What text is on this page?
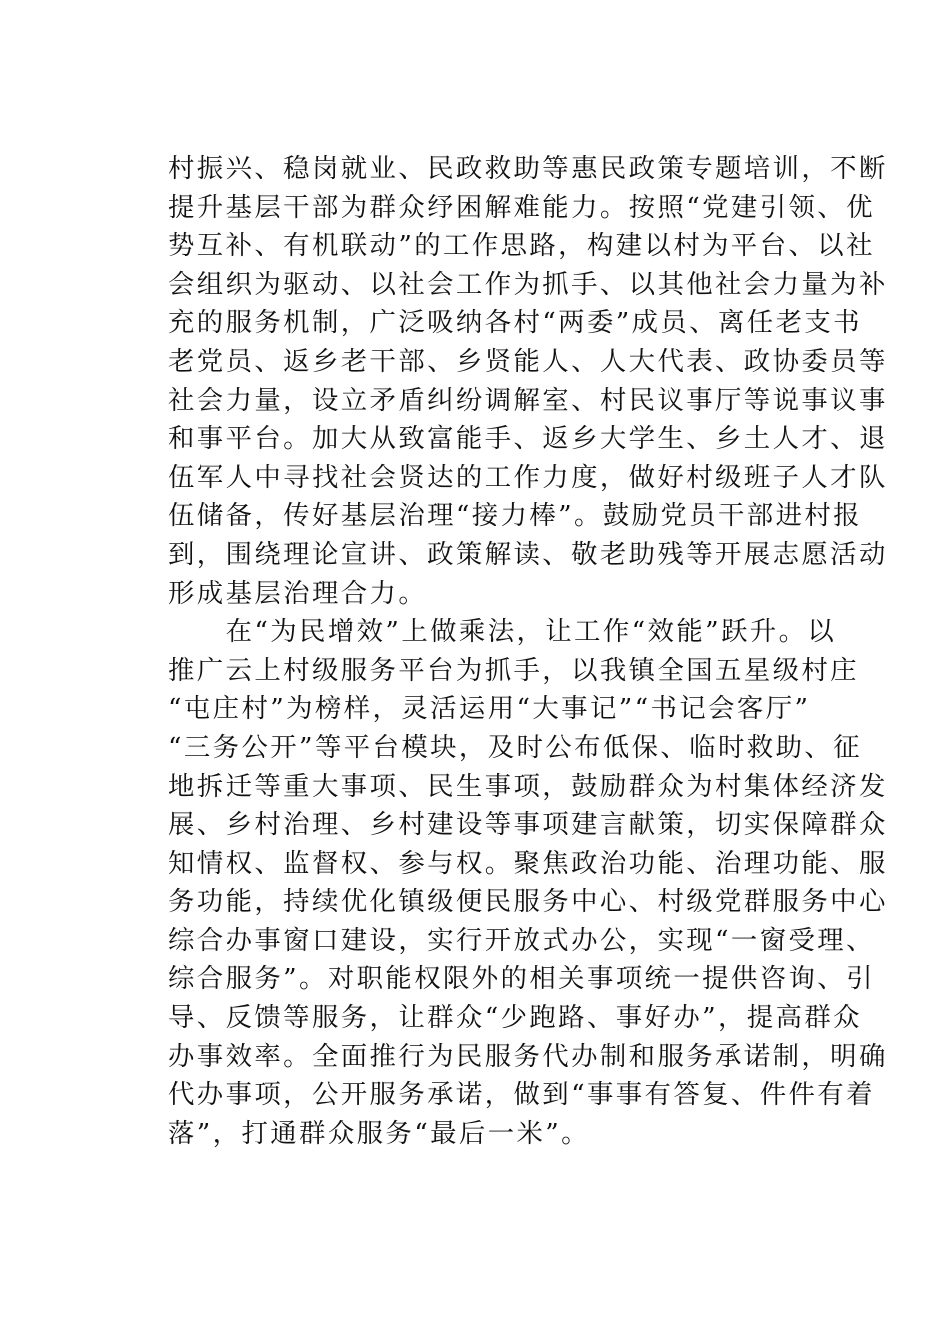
村振兴、稳岗就业、民政救助等惠民政策专题培训，不断
提升基层干部为群众纾困解难能力。按照“党建引领、优
势互补、有机联动”的工作思路，构建以村为平台、以社
会组织为驱动、以社会工作为抓手、以其他社会力量为补
充的服务机制，广泛吸纳各村“两委”成员、离任老支书
老党员、返乡老干部、乡贤能人、人大代表、政协委员等
社会力量，设立矛盾纠纷调解室、村民议事厅等说事议事
和事平台。加大从致富能手、返乡大学生、乡土人才、退
伍军人中寻找社会贤达的工作力度，做好村级班子人才队
伍储备，传好基层治理“接力棒”。鼓励党员干部进村报
到，围绕理论宣讲、政策解读、敬老助残等开展志愿活动
形成基层治理合力。
　　在“为民增效”上做乘法，让工作“效能”跃升。以
推广云上村级服务平台为抓手，以我镇全国五星级村庄
“屯庄村”为榜样，灵活运用“大事记”“书记会客厅”
“三务公开”等平台模块，及时公布低保、临时救助、征
地拆迁等重大事项、民生事项，鼓励群众为村集体经济发
展、乡村治理、乡村建设等事项建言献策，切实保障群众
知情权、监督权、参与权。聚焦政治功能、治理功能、服
务功能，持续优化镇级便民服务中心、村级党群服务中心
综合办事窗口建设，实行开放式办公，实现“一窗受理、
综合服务”。对职能权限外的相关事项统一提供咨询、引
导、反馈等服务，让群众“少跑路、事好办”，提高群众
办事效率。全面推行为民服务代办制和服务承诺制，明确
代办事项，公开服务承诺，做到“事事有答复、件件有着
落”，打通群众服务“最后一米”。
